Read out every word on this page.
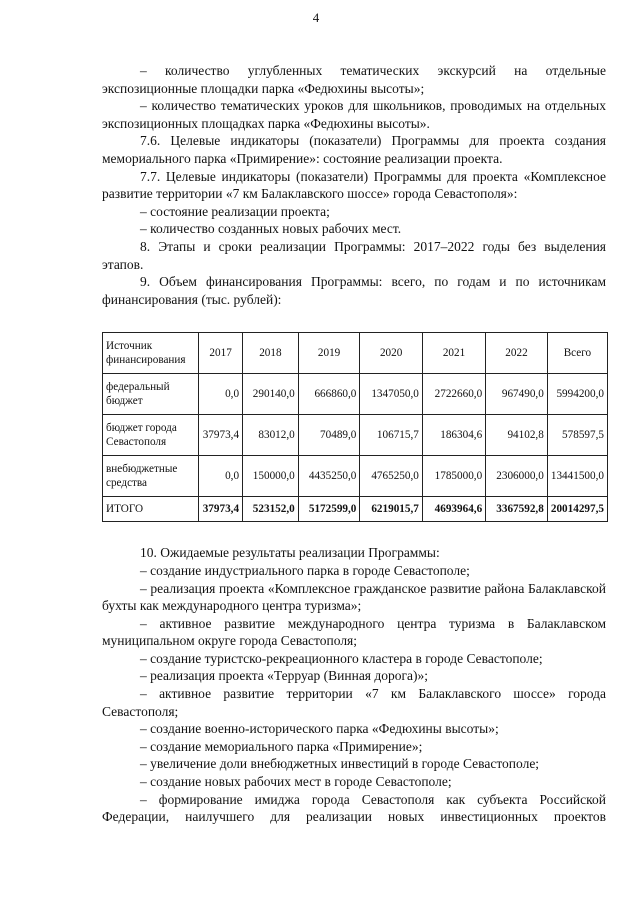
4

– количество углубленных тематических экскурсий на отдельные экспозиционные площадки парка «Федюхины высоты»;

– количество тематических уроков для школьников, проводимых на отдельных экспозиционных площадках парка «Федюхины высоты».

7.6. Целевые индикаторы (показатели) Программы для проекта создания мемориального парка «Примирение»: состояние реализации проекта.

7.7. Целевые индикаторы (показатели) Программы для проекта «Комплексное развитие территории «7 км Балаклавского шоссе» города Севастополя»:

– состояние реализации проекта;

– количество созданных новых рабочих мест.

8. Этапы и сроки реализации Программы: 2017–2022 годы без выделения этапов.

9. Объем финансирования Программы: всего, по годам и по источникам финансирования (тыс. рублей):

Источник финансирования	2017	2018	2019	2020	2021	2022	Всего
федеральный бюджет	0,0	290140,0	666860,0	1347050,0	2722660,0	967490,0	5994200,0
бюджет города Севастополя	37973,4	83012,0	70489,0	106715,7	186304,6	94102,8	578597,5
внебюджетные средства	0,0	150000,0	4435250,0	4765250,0	1785000,0	2306000,0	13441500,0
ИТОГО	37973,4	523152,0	5172599,0	6219015,7	4693964,6	3367592,8	20014297,5

10. Ожидаемые результаты реализации Программы:

– создание индустриального парка в городе Севастополе;

– реализация проекта «Комплексное гражданское развитие района Балаклавской бухты как международного центра туризма»;

– активное развитие международного центра туризма в Балаклавском муниципальном округе города Севастополя;

– создание туристско-рекреационного кластера в городе Севастополе;

– реализация проекта «Терруар (Винная дорога)»;

– активное развитие территории «7 км Балаклавского шоссе» города Севастополя;

– создание военно-исторического парка «Федюхины высоты»;

– создание мемориального парка «Примирение»;

– увеличение доли внебюджетных инвестиций в городе Севастополе;

– создание новых рабочих мест в городе Севастополе;

– формирование имиджа города Севастополя как субъекта Российской Федерации, наилучшего для реализации новых инвестиционных проектов
